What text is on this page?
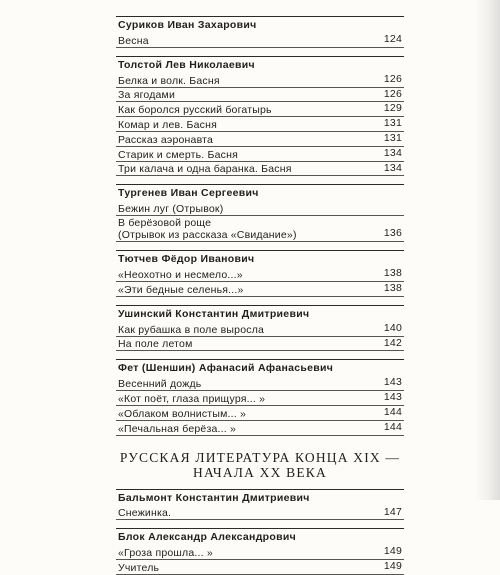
Суриков Иван Захарович
Весна	124
Толстой Лев Николаевич
Белка и волк. Басня	126
За ягодами	126
Как боролся русский богатырь	129
Комар и лев. Басня	131
Рассказ аэронавта	131
Старик и смерть. Басня	134
Три калача и одна баранка. Басня	134
Тургенев Иван Сергеевич
Бежин луг (Отрывок)
В берёзовой роще
(Отрывок из рассказа «Свидание»)	136
Тютчев Фёдор Иванович
«Неохотно и несмело...»	138
«Эти бедные селенья...»	138
Ушинский Константин Дмитриевич
Как рубашка в поле выросла	140
На поле летом	142
Фет (Шеншин) Афанасий Афанасьевич
Весенний дождь	143
«Кот поёт, глаза прищуря... »	143
«Облаком волнистым... »	144
«Печальная берёза... »	144
РУССКАЯ ЛИТЕРАТУРА КОНЦА XIX —
НАЧАЛА XX ВЕКА
Бальмонт Константин Дмитриевич
Снежинка.	147
Блок Александр Александрович
«Гроза прошла... »	149
Учитель	149
